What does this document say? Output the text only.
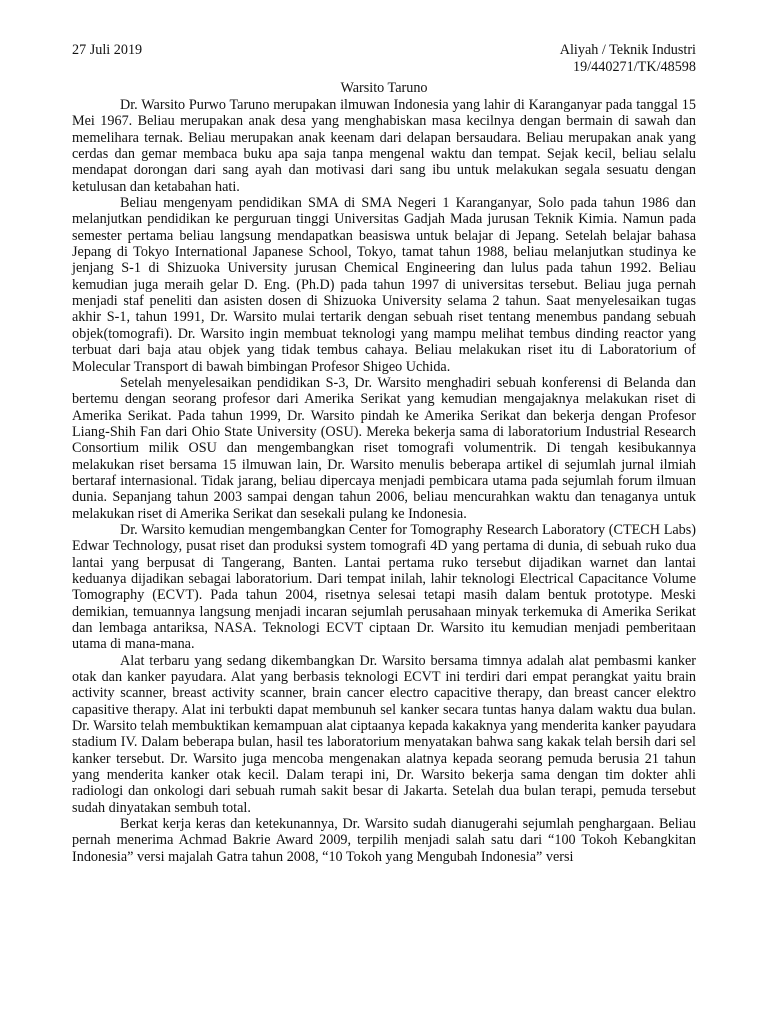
27 Juli 2019	Aliyah / Teknik Industri
19/440271/TK/48598
Warsito Taruno

Dr. Warsito Purwo Taruno merupakan ilmuwan Indonesia yang lahir di Karanganyar pada tanggal 15 Mei 1967. Beliau merupakan anak desa yang menghabiskan masa kecilnya dengan bermain di sawah dan memelihara ternak. Beliau merupakan anak keenam dari delapan bersaudara. Beliau merupakan anak yang cerdas dan gemar membaca buku apa saja tanpa mengenal waktu dan tempat. Sejak kecil, beliau selalu mendapat dorongan dari sang ayah dan motivasi dari sang ibu untuk melakukan segala sesuatu dengan ketulusan dan ketabahan hati.

Beliau mengenyam pendidikan SMA di SMA Negeri 1 Karanganyar, Solo pada tahun 1986 dan melanjutkan pendidikan ke perguruan tinggi Universitas Gadjah Mada jurusan Teknik Kimia. Namun pada semester pertama beliau langsung mendapatkan beasiswa untuk belajar di Jepang. Setelah belajar bahasa Jepang di Tokyo International Japanese School, Tokyo, tamat tahun 1988, beliau melanjutkan studinya ke jenjang S-1 di Shizuoka University jurusan Chemical Engineering dan lulus pada tahun 1992. Beliau kemudian juga meraih gelar D. Eng. (Ph.D) pada tahun 1997 di universitas tersebut. Beliau juga pernah menjadi staf peneliti dan asisten dosen di Shizuoka University selama 2 tahun. Saat menyelesaikan tugas akhir S-1, tahun 1991, Dr. Warsito mulai tertarik dengan sebuah riset tentang menembus pandang sebuah objek(tomografi). Dr. Warsito ingin membuat teknologi yang mampu melihat tembus dinding reactor yang terbuat dari baja atau objek yang tidak tembus cahaya. Beliau melakukan riset itu di Laboratorium of Molecular Transport di bawah bimbingan Profesor Shigeo Uchida.

Setelah menyelesaikan pendidikan S-3, Dr. Warsito menghadiri sebuah konferensi di Belanda dan bertemu dengan seorang profesor dari Amerika Serikat yang kemudian mengajaknya melakukan riset di Amerika Serikat. Pada tahun 1999, Dr. Warsito pindah ke Amerika Serikat dan bekerja dengan Profesor Liang-Shih Fan dari Ohio State University (OSU). Mereka bekerja sama di laboratorium Industrial Research Consortium milik OSU dan mengembangkan riset tomografi volumentrik. Di tengah kesibukannya melakukan riset bersama 15 ilmuwan lain, Dr. Warsito menulis beberapa artikel di sejumlah jurnal ilmiah bertaraf internasional. Tidak jarang, beliau dipercaya menjadi pembicara utama pada sejumlah forum ilmuan dunia. Sepanjang tahun 2003 sampai dengan tahun 2006, beliau mencurahkan waktu dan tenaganya untuk melakukan riset di Amerika Serikat dan sesekali pulang ke Indonesia.

Dr. Warsito kemudian mengembangkan Center for Tomography Research Laboratory (CTECH Labs) Edwar Technology, pusat riset dan produksi system tomografi 4D yang pertama di dunia, di sebuah ruko dua lantai yang berpusat di Tangerang, Banten. Lantai pertama ruko tersebut dijadikan warnet dan lantai keduanya dijadikan sebagai laboratorium. Dari tempat inilah, lahir teknologi Electrical Capacitance Volume Tomography (ECVT). Pada tahun 2004, risetnya selesai tetapi masih dalam bentuk prototype. Meski demikian, temuannya langsung menjadi incaran sejumlah perusahaan minyak terkemuka di Amerika Serikat dan lembaga antariksa, NASA. Teknologi ECVT ciptaan Dr. Warsito itu kemudian menjadi pemberitaan utama di mana-mana.

Alat terbaru yang sedang dikembangkan Dr. Warsito bersama timnya adalah alat pembasmi kanker otak dan kanker payudara. Alat yang berbasis teknologi ECVT ini terdiri dari empat perangkat yaitu brain activity scanner, breast activity scanner, brain cancer electro capacitive therapy, dan breast cancer elektro capasitive therapy. Alat ini terbukti dapat membunuh sel kanker secara tuntas hanya dalam waktu dua bulan. Dr. Warsito telah membuktikan kemampuan alat ciptaanya kepada kakaknya yang menderita kanker payudara stadium IV. Dalam beberapa bulan, hasil tes laboratorium menyatakan bahwa sang kakak telah bersih dari sel kanker tersebut. Dr. Warsito juga mencoba mengenakan alatnya kepada seorang pemuda berusia 21 tahun yang menderita kanker otak kecil. Dalam terapi ini, Dr. Warsito bekerja sama dengan tim dokter ahli radiologi dan onkologi dari sebuah rumah sakit besar di Jakarta. Setelah dua bulan terapi, pemuda tersebut sudah dinyatakan sembuh total.

Berkat kerja keras dan ketekunannya, Dr. Warsito sudah dianugerahi sejumlah penghargaan. Beliau pernah menerima Achmad Bakrie Award 2009, terpilih menjadi salah satu dari “100 Tokoh Kebangkitan Indonesia” versi majalah Gatra tahun 2008, “10 Tokoh yang Mengubah Indonesia” versi
